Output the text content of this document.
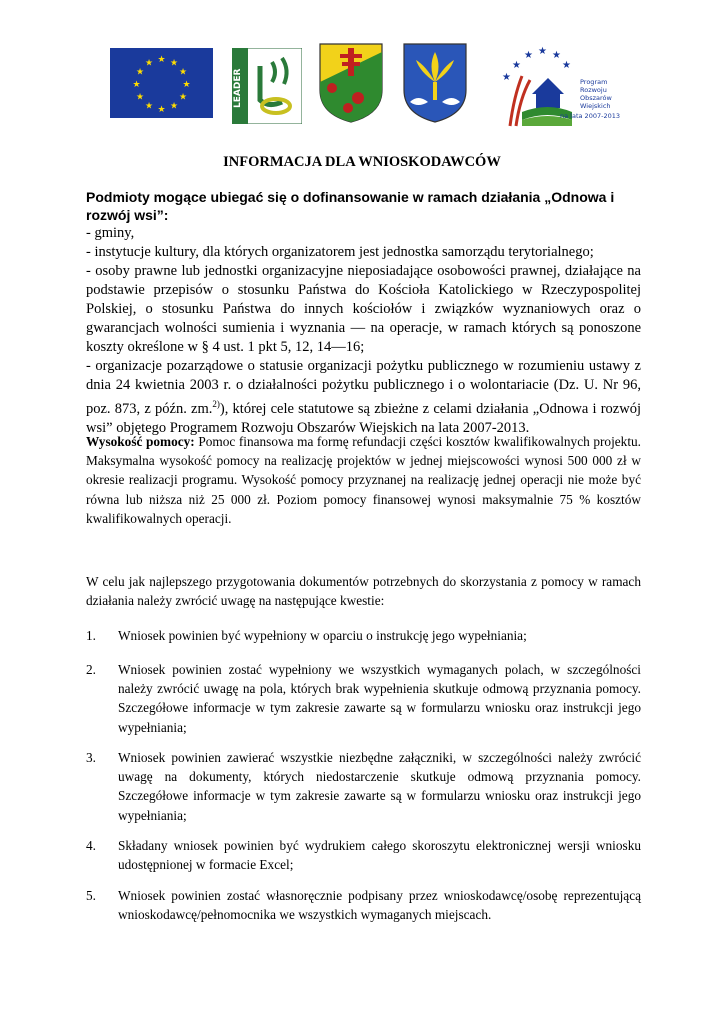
★ ★
★
★
★
★
★
★
★
★
★
★
LEADER
★
★ ★ ★
★
★	Program
Rozwoju
Obszarów
Wiejskich
na lata 2007-2013
INFORMACJA DLA WNIOSKODAWCÓW
Podmioty mogące ubiegać się o dofinansowanie w ramach działania „Odnowa i rozwój wsi”:
- gminy,
- instytucje kultury, dla których organizatorem jest jednostka samorządu terytorialnego;
- osoby prawne lub jednostki organizacyjne nieposiadające osobowości prawnej, działające na podstawie przepisów o stosunku Państwa do Kościoła Katolickiego w Rzeczypospolitej Polskiej, o stosunku Państwa do innych kościołów i związków wyznaniowych oraz o gwarancjach wolności sumienia i wyznania — na operacje, w ramach których są ponoszone koszty określone w § 4 ust. 1 pkt 5, 12, 14—16;
- organizacje pozarządowe o statusie organizacji pożytku publicznego w rozumieniu ustawy z dnia 24 kwietnia 2003 r. o działalności pożytku publicznego i o wolontariacie (Dz. U. Nr 96, poz. 873, z późn. zm.$^{2)}$), której cele statutowe są zbieżne z celami działania „Odnowa i rozwój wsi” objętego Programem Rozwoju Obszarów Wiejskich na lata 2007-2013.
Wysokość pomocy: Pomoc finansowa ma formę refundacji części kosztów kwalifikowalnych projektu. Maksymalna wysokość pomocy na realizację projektów w jednej miejscowości wynosi 500 000 zł w okresie realizacji programu. Wysokość pomocy przyznanej na realizację jednej operacji nie może być równa lub niższa niż 25 000 zł. Poziom pomocy finansowej wynosi maksymalnie 75 % kosztów kwalifikowalnych operacji.
W celu jak najlepszego przygotowania dokumentów potrzebnych do skorzystania z pomocy w ramach działania należy zwrócić uwagę na następujące kwestie:
1. Wniosek powinien być wypełniony w oparciu o instrukcję jego wypełniania;
2. Wniosek powinien zostać wypełniony we wszystkich wymaganych polach, w szczególności należy zwrócić uwagę na pola, których brak wypełnienia skutkuje odmową przyznania pomocy. Szczegółowe informacje w tym zakresie zawarte są w formularzu wniosku oraz instrukcji jego wypełniania;
3. Wniosek powinien zawierać wszystkie niezbędne załączniki, w szczególności należy zwrócić uwagę na dokumenty, których niedostarczenie skutkuje odmową przyznania pomocy. Szczegółowe informacje w tym zakresie zawarte są w formularzu wniosku oraz instrukcji jego wypełniania;
4. Składany wniosek powinien być wydrukiem całego skoroszytu elektronicznej wersji wniosku udostępnionej w formacie Excel;
5. Wniosek powinien zostać własnoręcznie podpisany przez wnioskodawcę/osobę reprezentującą wnioskodawcę/pełnomocnika we wszystkich wymaganych miejscach.
